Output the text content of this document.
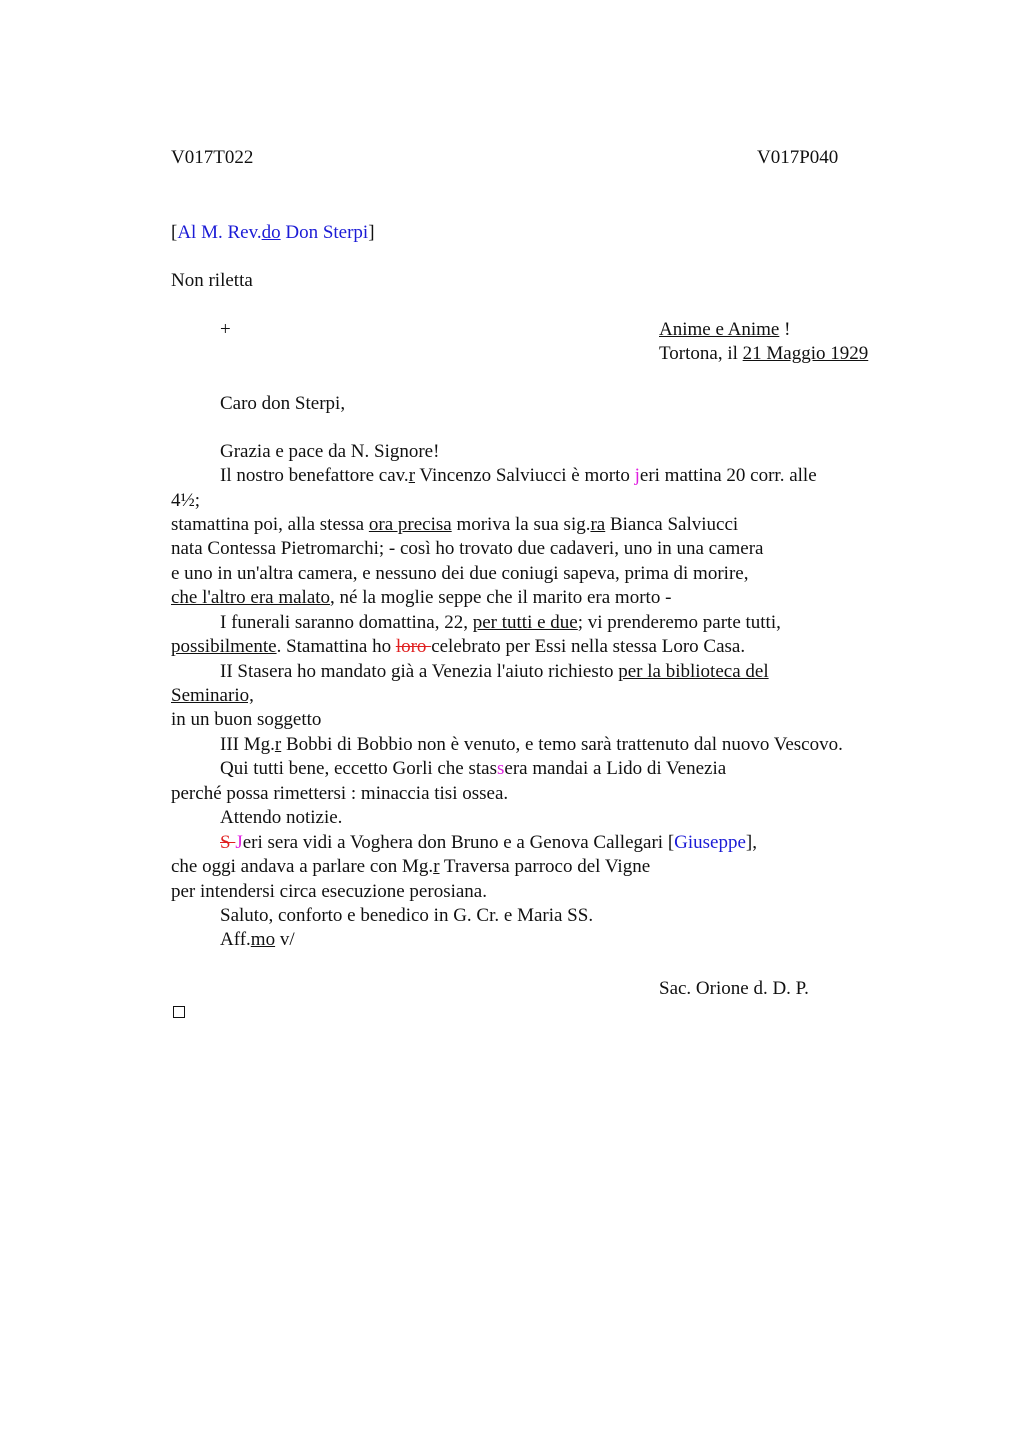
V017T022	V017P040
[Al M. Rev.do Don Sterpi]
Non riletta
+	Anime e Anime !
Tortona, il 21 Maggio 1929
Caro don Sterpi,
Grazia e pace da N. Signore!
Il nostro benefattore cav.r Vincenzo Salviucci è morto jeri mattina 20 corr. alle
4½;
stamattina poi, alla stessa ora precisa moriva la sua sig.ra Bianca Salviucci
nata Contessa Pietromarchi; - così ho trovato due cadaveri, uno in una camera
e uno in un'altra camera, e nessuno dei due coniugi sapeva, prima di morire,
che l'altro era malato, né la moglie seppe che il marito era morto -
I funerali saranno domattina, 22, per tutti e due; vi prenderemo parte tutti,
possibilmente. Stamattina ho loro celebrato per Essi nella stessa Loro Casa.
II Stasera ho mandato già a Venezia l'aiuto richiesto per la biblioteca del
Seminario,
in un buon soggetto
III Mg.r Bobbi di Bobbio non è venuto, e temo sarà trattenuto dal nuovo Vescovo.
Qui tutti bene, eccetto Gorli che stassera mandai a Lido di Venezia
perché possa rimettersi : minaccia tisi ossea.
Attendo notizie.
S Jeri sera vidi a Voghera don Bruno e a Genova Callegari [Giuseppe],
che oggi andava a parlare con Mg.r Traversa parroco del Vigne
per intendersi circa esecuzione perosiana.
Saluto, conforto e benedico in G. Cr. e Maria SS.
Aff.mo v/
Sac. Orione d. D. P.
